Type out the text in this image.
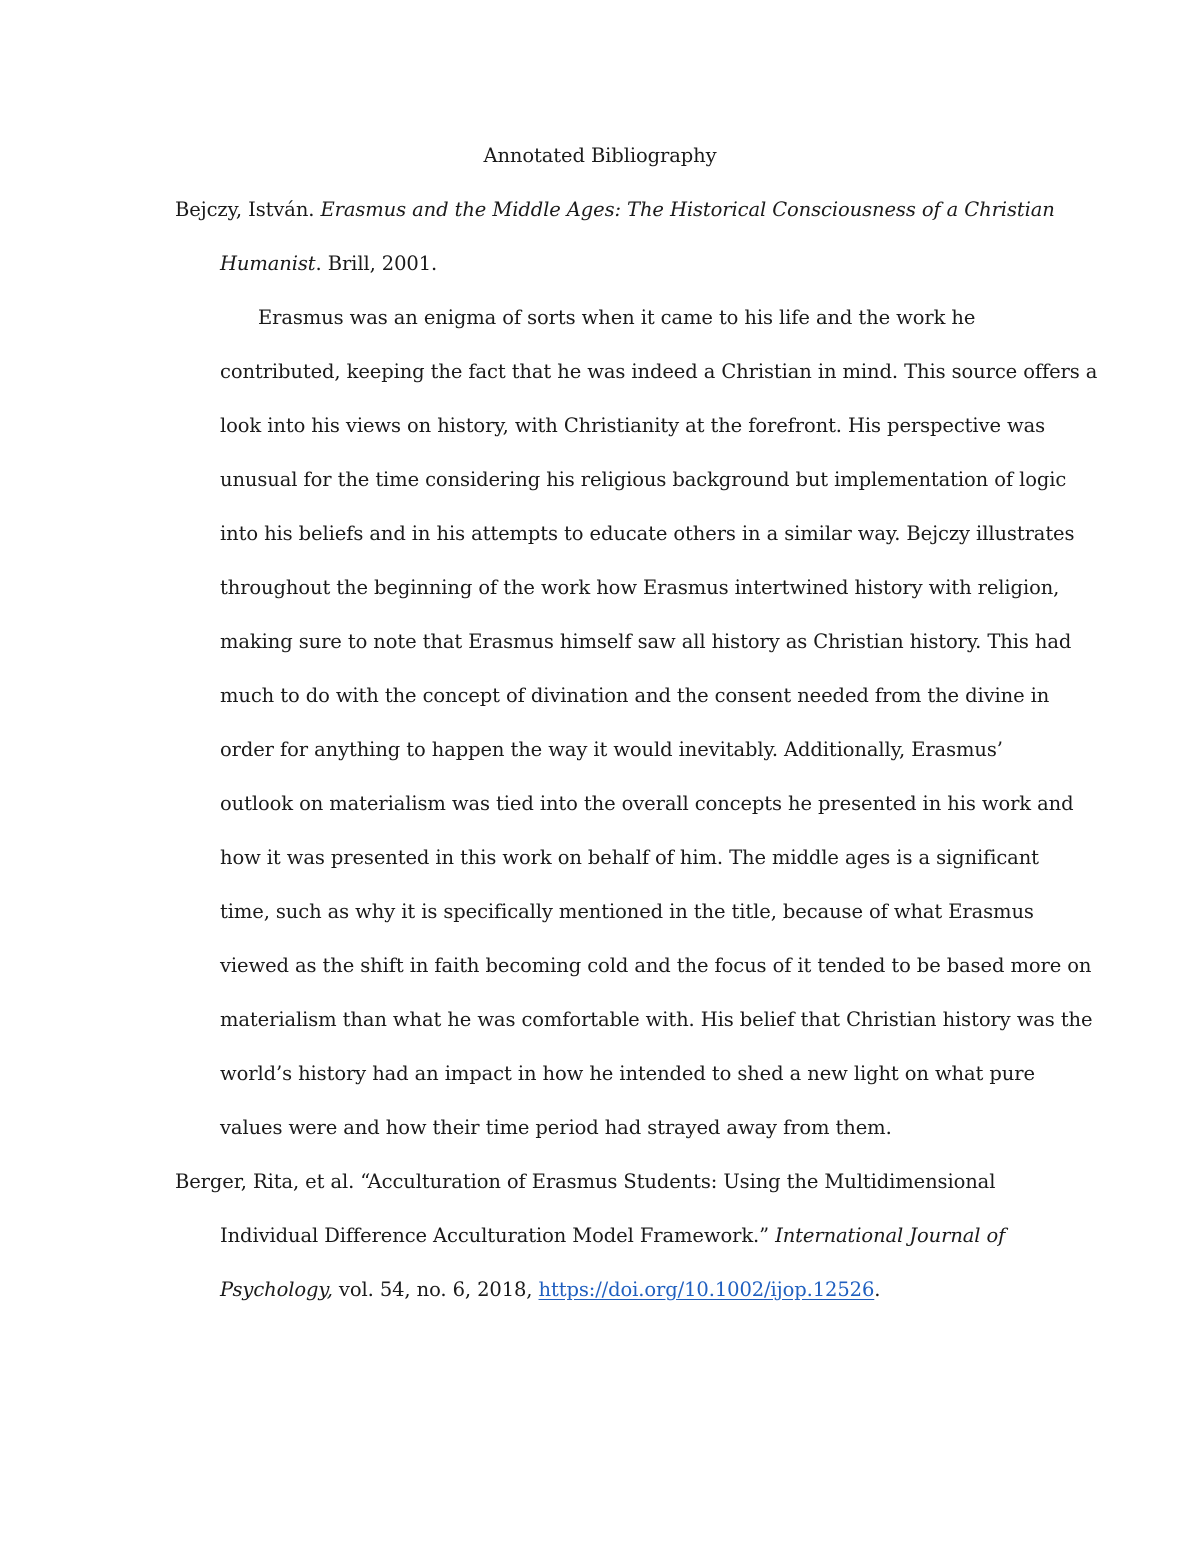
Annotated Bibliography
Bejczy, István. Erasmus and the Middle Ages: The Historical Consciousness of a Christian
Humanist. Brill, 2001.
Erasmus was an enigma of sorts when it came to his life and the work he
contributed, keeping the fact that he was indeed a Christian in mind. This source offers a
look into his views on history, with Christianity at the forefront. His perspective was
unusual for the time considering his religious background but implementation of logic
into his beliefs and in his attempts to educate others in a similar way. Bejczy illustrates
throughout the beginning of the work how Erasmus intertwined history with religion,
making sure to note that Erasmus himself saw all history as Christian history. This had
much to do with the concept of divination and the consent needed from the divine in
order for anything to happen the way it would inevitably. Additionally, Erasmus’
outlook on materialism was tied into the overall concepts he presented in his work and
how it was presented in this work on behalf of him. The middle ages is a significant
time, such as why it is specifically mentioned in the title, because of what Erasmus
viewed as the shift in faith becoming cold and the focus of it tended to be based more on
materialism than what he was comfortable with. His belief that Christian history was the
world’s history had an impact in how he intended to shed a new light on what pure
values were and how their time period had strayed away from them.
Berger, Rita, et al. “Acculturation of Erasmus Students: Using the Multidimensional
Individual Difference Acculturation Model Framework.” International Journal of
Psychology, vol. 54, no. 6, 2018, https://doi.org/10.1002/ijop.12526.
